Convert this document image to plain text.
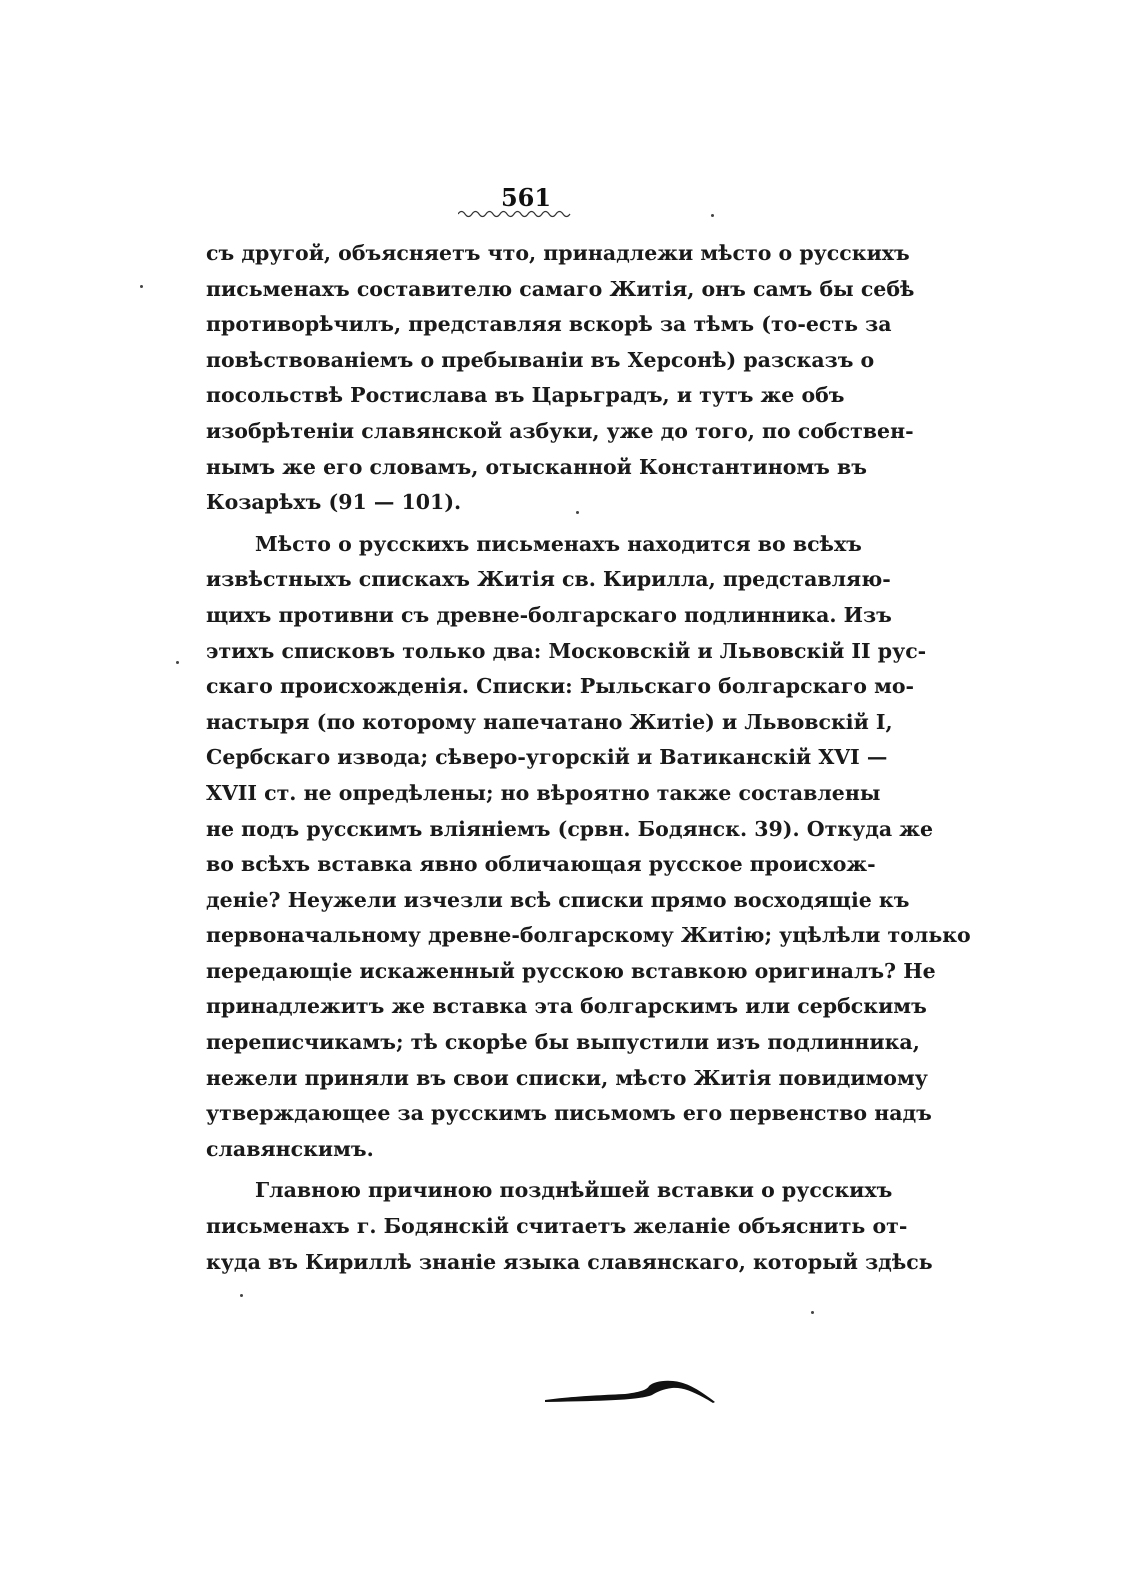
561
съ другой, объясняетъ что, принадлежи мѣсто о русскихъ
письменахъ составителю самаго Житія, онъ самъ бы себѣ
противорѣчилъ, представляя вскорѣ за тѣмъ (то-есть за
повѣствованіемъ о пребываніи въ Херсонѣ) разсказъ о
посольствѣ Ростислава въ Царьградъ, и тутъ же объ
изобрѣтеніи славянской азбуки, уже до того, по собствен-
нымъ же его словамъ, отысканной Константиномъ въ
Козарѣхъ (91 — 101).
Мѣсто о русскихъ письменахъ находится во всѣхъ
извѣстныхъ спискахъ Житія св. Кирилла, представляю-
щихъ противни съ древне-болгарскаго подлинника. Изъ
этихъ списковъ только два: Московскій и Львовскій II рус-
скаго происхожденія. Списки: Рыльскаго болгарскаго мо-
настыря (по которому напечатано Житіе) и Львовскій I,
Сербскаго извода; сѣверо-угорскій и Ватиканскій XVI —
XVII ст. не опредѣлены; но вѣроятно также составлены
не подъ русскимъ вліяніемъ (срвн. Бодянск. 39). Откуда же
во всѣхъ вставка явно обличающая русское происхож-
деніе? Неужели изчезли всѣ списки прямо восходящіе къ
первоначальному древне-болгарскому Житію; уцѣлѣли только
передающіе искаженный русскою вставкою оригиналъ? Не
принадлежитъ же вставка эта болгарскимъ или сербскимъ
переписчикамъ; тѣ скорѣе бы выпустили изъ подлинника,
нежели приняли въ свои списки, мѣсто Житія повидимому
утверждающее за русскимъ письмомъ его первенство надъ
славянскимъ.
Главною причиною позднѣйшей вставки о русскихъ
письменахъ г. Бодянскій считаетъ желаніе объяснить от-
куда въ Кириллѣ знаніе языка славянскаго, который здѣсь
